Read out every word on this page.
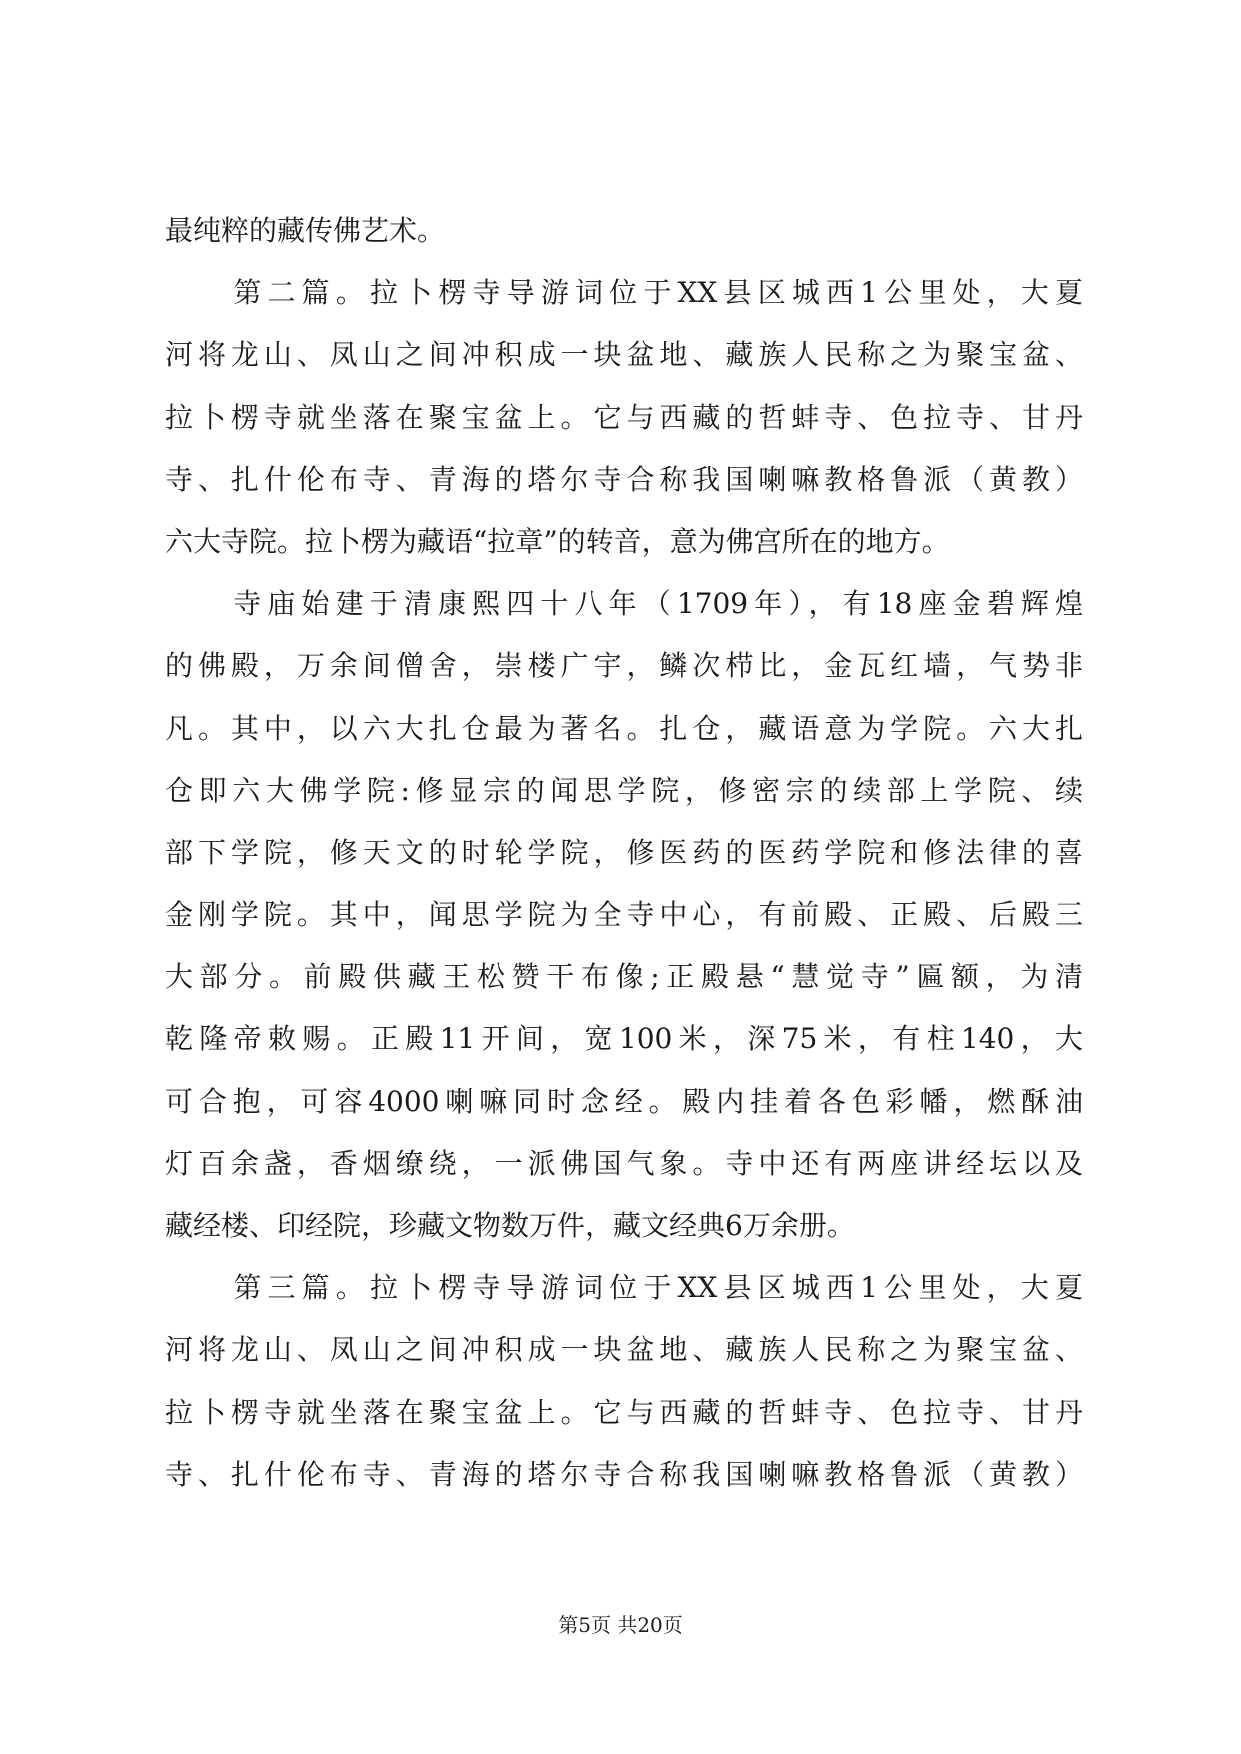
最纯粹的藏传佛艺术。
　　第二篇。拉卜楞寺导游词位于XX县区城西1公里处，大夏
河将龙山、凤山之间冲积成一块盆地、藏族人民称之为聚宝盆、
拉卜楞寺就坐落在聚宝盆上。它与西藏的哲蚌寺、色拉寺、甘丹
寺、扎什伦布寺、青海的塔尔寺合称我国喇嘛教格鲁派（黄教）
六大寺院。拉卜楞为藏语“拉章”的转音，意为佛宫所在的地方。
　　寺庙始建于清康熙四十八年（1709年），有18座金碧辉煌
的佛殿，万余间僧舍，崇楼广宇，鳞次栉比，金瓦红墙，气势非
凡。其中，以六大扎仓最为著名。扎仓，藏语意为学院。六大扎
仓即六大佛学院:修显宗的闻思学院，修密宗的续部上学院、续
部下学院，修天文的时轮学院，修医药的医药学院和修法律的喜
金刚学院。其中，闻思学院为全寺中心，有前殿、正殿、后殿三
大部分。前殿供藏王松赞干布像;正殿悬“慧觉寺”匾额，为清
乾隆帝敕赐。正殿11开间，宽100米，深75米，有柱140，大
可合抱，可容4000喇嘛同时念经。殿内挂着各色彩幡，燃酥油
灯百余盏，香烟缭绕，一派佛国气象。寺中还有两座讲经坛以及
藏经楼、印经院，珍藏文物数万件，藏文经典6万余册。
　　第三篇。拉卜楞寺导游词位于XX县区城西1公里处，大夏
河将龙山、凤山之间冲积成一块盆地、藏族人民称之为聚宝盆、
拉卜楞寺就坐落在聚宝盆上。它与西藏的哲蚌寺、色拉寺、甘丹
寺、扎什伦布寺、青海的塔尔寺合称我国喇嘛教格鲁派（黄教）
第5页 共20页
